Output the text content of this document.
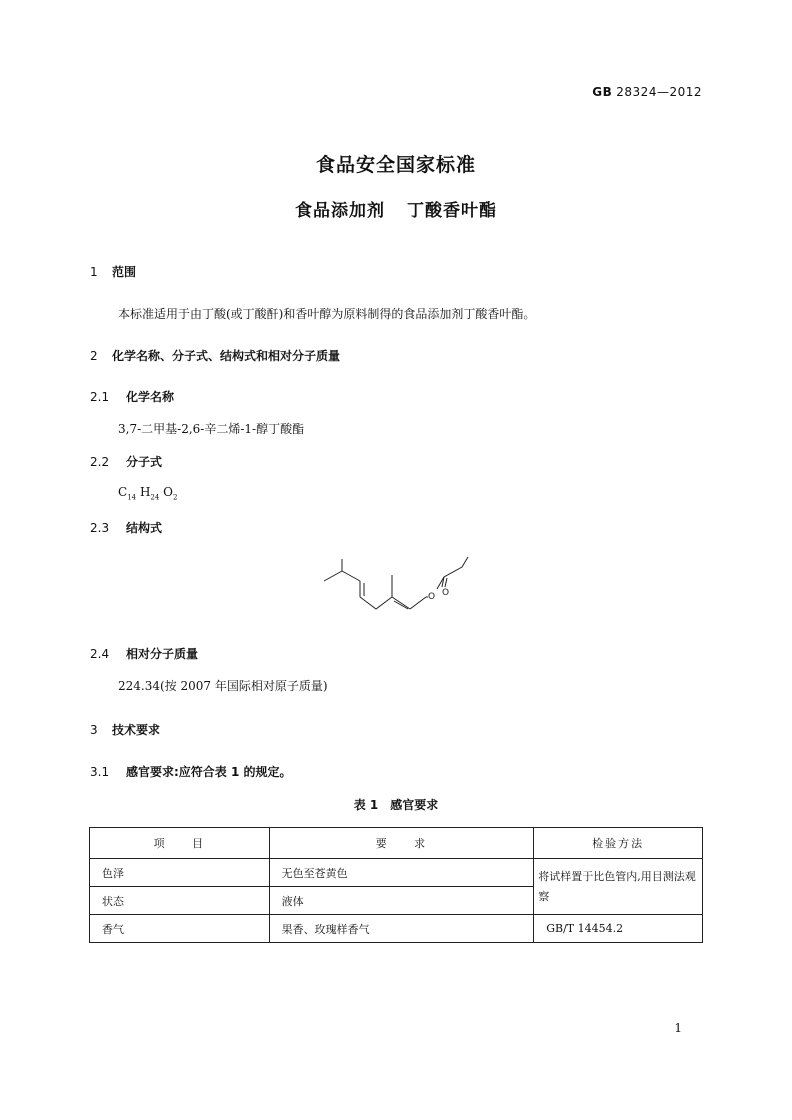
GB 28324—2012
食品安全国家标准
食品添加剂 丁酸香叶酯
1 范围
本标准适用于由丁酸(或丁酸酐)和香叶醇为原料制得的食品添加剂丁酸香叶酯。
2 化学名称、分子式、结构式和相对分子质量
2.1 化学名称
3,7-二甲基-2,6-辛二烯-1-醇丁酸酯
2.2 分子式
$C_{14}$ $H_{24}$ $O_2$
2.3 结构式
O O
2.4 相对分子质量
224.34(按 2007 年国际相对原子质量)
3 技术要求
3.1 感官要求:应符合表 1 的规定。
表 1 感官要求
项 目	要 求	检验方法
色泽	无色至苍黄色	将试样置于比色管内,用目测法观察
状态	液体	
香气	果香、玫瑰样香气	GB/T 14454.2
1
